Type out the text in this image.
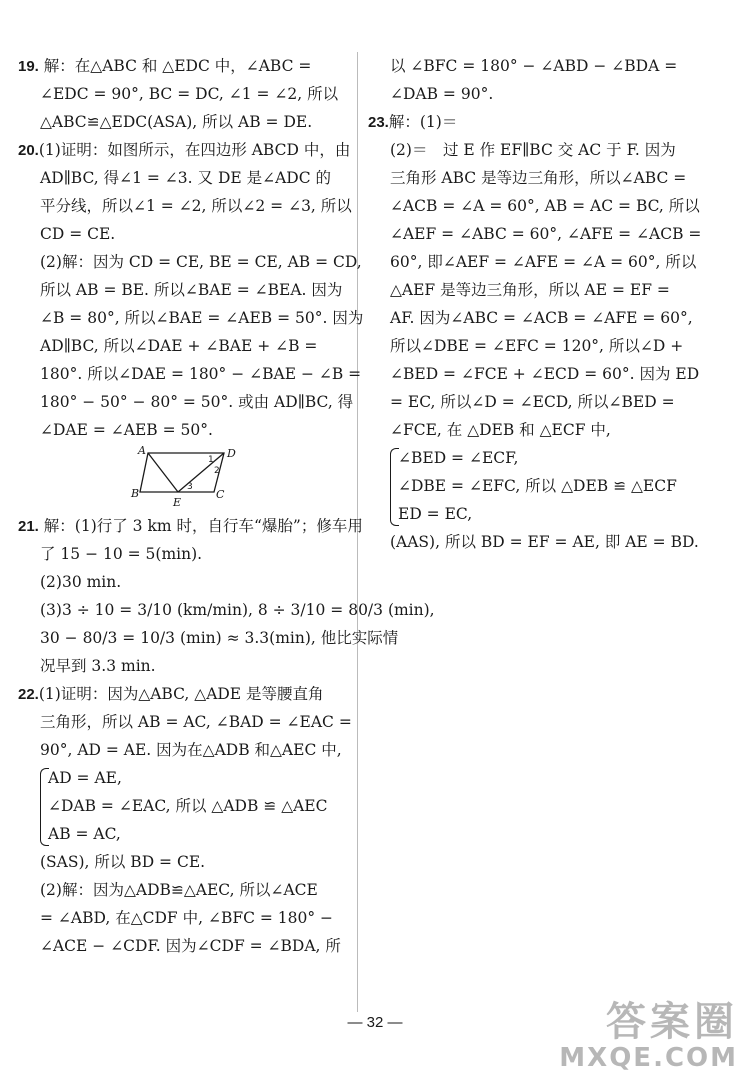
19. 解：在△ABC 和 △EDC 中，∠ABC =
∠EDC = 90°, BC = DC, ∠1 = ∠2, 所以
△ABC≌△EDC(ASA), 所以 AB = DE.
20.(1)证明：如图所示，在四边形 ABCD 中，由
AD∥BC, 得∠1 = ∠3. 又 DE 是∠ADC 的
平分线，所以∠1 = ∠2, 所以∠2 = ∠3, 所以
CD = CE.
(2)解：因为 CD = CE, BE = CE, AB = CD,
所以 AB = BE. 所以∠BAE = ∠BEA. 因为
∠B = 80°, 所以∠BAE = ∠AEB = 50°. 因为
AD∥BC, 所以∠DAE + ∠BAE + ∠B =
180°. 所以∠DAE = 180° − ∠BAE − ∠B =
180° − 50° − 80° = 50°. 或由 AD∥BC, 得
∠DAE = ∠AEB = 50°.
A	D
B
E
C
1
2
3
21. 解：(1)行了 3 km 时，自行车“爆胎”；修车用
了 15 − 10 = 5(min).
(2)30 min.
(3)3 ÷ 10 = 3/10 (km/min), 8 ÷ 3/10 = 80/3 (min),
30 − 80/3 = 10/3 (min) ≈ 3.3(min), 他比实际情
况早到 3.3 min.
22.(1)证明：因为△ABC, △ADE 是等腰直角
三角形，所以 AB = AC, ∠BAD = ∠EAC =
90°, AD = AE. 因为在△ADB 和△AEC 中,
AD = AE,
∠DAB = ∠EAC, 所以 △ADB ≌ △AEC
AB = AC,
(SAS), 所以 BD = CE.
(2)解：因为△ADB≌△AEC, 所以∠ACE
= ∠ABD, 在△CDF 中, ∠BFC = 180° −
∠ACE − ∠CDF. 因为∠CDF = ∠BDA, 所
以 ∠BFC = 180° − ∠ABD − ∠BDA =
∠DAB = 90°.
23.解：(1)＝
(2)＝　过 E 作 EF∥BC 交 AC 于 F. 因为
三角形 ABC 是等边三角形，所以∠ABC =
∠ACB = ∠A = 60°, AB = AC = BC, 所以
∠AEF = ∠ABC = 60°, ∠AFE = ∠ACB =
60°, 即∠AEF = ∠AFE = ∠A = 60°, 所以
△AEF 是等边三角形，所以 AE = EF =
AF. 因为∠ABC = ∠ACB = ∠AFE = 60°,
所以∠DBE = ∠EFC = 120°, 所以∠D +
∠BED = ∠FCE + ∠ECD = 60°. 因为 ED
= EC, 所以∠D = ∠ECD, 所以∠BED =
∠FCE, 在 △DEB 和 △ECF 中,
∠BED = ∠ECF,
∠DBE = ∠EFC, 所以 △DEB ≌ △ECF
ED = EC,
(AAS), 所以 BD = EF = AE, 即 AE = BD.
— 32 —	答案圈
MXQE.COM
